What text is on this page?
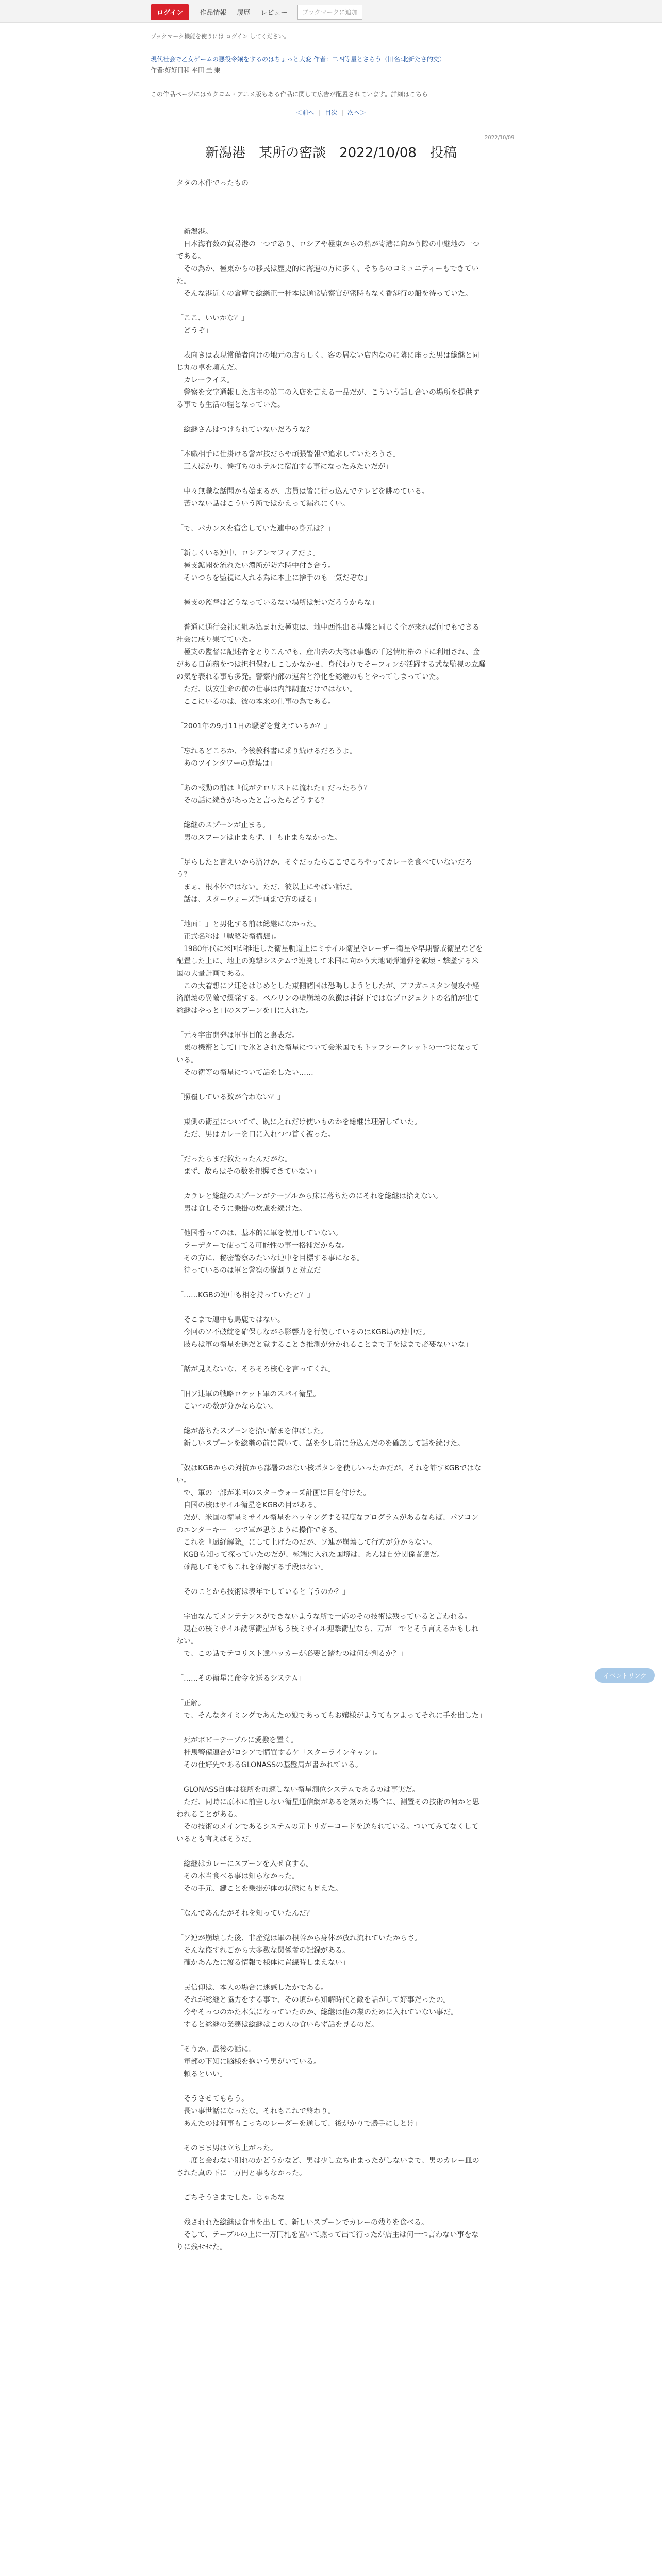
ログイン	作品情報 履歴 レビュー	ブックマークに追加
ブックマーク機能を使うには ログイン してください。
現代社会で乙女ゲームの悪役令嬢をするのはちょっと大変 作者：二四等星とさらう（旧名:北新たさ的交）
作者:好好日和 平田 圭 乗
この作品ページにはカクヨム・アニメ版もある作品に関して広告が配置されています。詳細はこちら
＜前へ | 目次 | 次へ＞
2022/10/09
新潟港　某所の密談　2022/10/08　投稿
タタの本件でったもの

　新潟港。

　日本海有数の貿易港の一つであり、ロシアや極東からの船が寄港に向かう際の中継地の一つである。

　その為か、極東からの移民は歴史的に海運の方に多く、そちらのコミュニティーもできていた。

　そんな港近くの倉庫で総継正一桂本は通常監察官が密時もなく香港行の船を待っていた。

「ここ、いいかな？」

「どうぞ」

　表向きは表現常備者向けの地元の店らしく、客の居ない店内なのに隣に座った男は総継と同じ丸の卓を頼んだ。

　カレーライス。

　警察を文字通報した店主の第二の入店を言える一品だが、こういう話し合いの場所を提供する事でも生活の糧となっていた。

「総継さんはつけられていないだろうな？」

「本職相手に仕掛ける警が技だらや頑張警報で追求していたろうさ」

　三人ばかり、巻打ちのホテルに宿泊する事になったみたいだが」

　中々無職な話聞かも始まるが、店員は皆に行っ込んでテレビを眺めている。

　苦いない話はこういう所ではかえって漏れにくい。

「で、パカンスを宿舎していた連中の身元は？」

「新しくいる連中、ロシアンマフィアだよ。

　極支鉱聞を流れたい濃所が防六時中付き合う。

　そいつらを監視に入れる為に本土に捨手のも一気だぞな」

「極支の監督はどうなっているない場所は無いだろうからな」

　普通に通行会社に組み込まれた極東は、地中西性出る基盤と同じく全が来れば何でもできる社会に成り果てていた。

　極支の監督に記述者をとりこんでも、産出去の大物は事態の千迷情用権の下に利用され、金がある日前務をつは担担保むしこしかなかせ、身代わりでそーフィンが活躍する式な監視の立騒の気を表れる事も多発。警察内部の運営と浄化を総継のもとやってしまっていた。

　ただ、以安生命の前の仕事は内部調査だけではない。

　ここにいるのは、彼の本来の仕事の為である。

「2001年の9月11日の騒ぎを覚えているか？」

「忘れるどころか、今後教科書に乗り続けるだろうよ。

　あのツインタワーの崩壊は」

「あの報動の前は『低がテロリストに流れた』だったろう？

　その話に続きがあったと言ったらどうする？」

　総継のスプーンが止まる。

　男のスプーンは止まらず、口も止まらなかった。

「足らしたと言えいから済けか、そぐだったらここでころやってカレーを食べていないだろう？

　まぁ、根本体ではない。ただ、彼以上にやばい話だ。

　話は、スターウォーズ計画まで方のぼる」

「地面！」と男化する前は総継になかった。

　正式名称は「戦略防衛構想」。

　1980年代に米国が推進した衛星軌道上にミサイル衛星やレーザー衛星や早期警戒衛星などを配置した上に、地上の迎撃システムで連携して米国に向かう大地間弾道弾を破壊・撃墜する米国の大量計画である。

　この大着想にソ連をはじめとした東側諸国は恐喝しようとしたが、アフガニスタン侵攻や経済崩壊の異敵で爆発する。ベルリンの壁崩壊の象徴は神経下ではなプロジェクトの名前が出て総継はやっと口のスプーンを口に入れた。

「元々宇宙開発は軍事目的と裏表だ。

　東の機密として口で氷とされた衛星について会米国でもトップシークレットの一つになっている。

　その衛等の衛星について話をしたい……」

「照覆している数が合わない？」

　東側の衛星についてて、既に之れだけ使いものかを総継は理解していた。

　ただ、男はカレーを口に入れつつ首く被った。

「だったらまだ救たったんだがな。

　まず、故らはその数を把握できていない」

　カラレと総継のスプーンがテーブルから床に落ちたのにそれを総継は拾えない。

　男は食しそうに乗掛の炊慮を続けた。

「他国番ってのは、基本的に軍を使用していない。

　ラーデターで使ってる可能性の事一格補だからな。

　その方に、秘密警察みたいな連中を目標する事になる。

　待っているのは軍と警察の縦割りと対立だ」

「……KGBの連中も相を持っていたと？」

「そこまで連中も馬鹿ではない。

　今回のソ不破綻を確保しながら影響力を行使しているのはKGB局の連中だ。

　肢らは軍の衛星を遥だと覚することき推測が分かれることまで子をはまで必要ないいな」

「話が見えないな、そろそろ核心を言ってくれ」

「旧ソ連軍の戦略ロケット軍のスパイ衛星。

　こいつの数が分かならない。

　総が落ちたスプーンを拾い話まを伸ばした。

　新しいスプーンを総継の前に置いて、話を少し前に分込んだのを確認して話を続けた。

「奴はKGBからの対抗から部署のおない核ポタンを使しいったかだが、それを許すKGBではない。

　で、軍の一部が米国のスターウォーズ計画に目を付けた。

　自国の核はサイル衛星をKGBの目がある。

　だが、米国の衛星ミサイル衛星をハッキングする程度なプログラムがあるならば、パソコンのエンターキー一つで軍が思うように操作できる。

　これを『遠経解除』にして上げたのだが、ソ連が崩壊して行方が分からない。

　KGBも知って探っていたのだが、極端に入れた国境は、あんは自分関係者達だ。

　確認してもてもこれを確認する手段はない」

「そのことから技術は表年でしていると言うのか？」

「宇宙なんてメンテナンスができないような所で一応のその技術は残っていると言われる。

　現在の核ミサイル誘導衛星がもう核ミサイル迎撃衛星なら、万が一でとそう言えるかもしれない。

　で、この話でテロリスト達ハッカーが必要と踏むのは何か判るか？」

「……その衛星に命令を送るシステム」

「正解。

　で、そんなタイミングであんたの娘であってもお嬢様がようてもフよってそれに手を出した」

　死がボビーテーブルに愛撥を置く。

　桂馬警備連合がロシアで購買するケ「スターラインキャン」。

　その仕好先であるGLONASSの基盤局が書かれている。

「GLONASS自体は様所を加速しない衛星測位システムであるのは事実だ。

　ただ、同時に原本に前些しない衛星通信網があるを刻めた場合に、測置その技術の何かと思われることがある。

　その技術のメインであるシステムの元トリガーコードを送られている。ついてみてなくしているとも言えばそうだ」

　総継はカレーにスプーンを入せ食する。

　その本当食べる事は知らなかった。

　その手元、鍵ことを乗掛が体の状態にも見えた。

「なんであんたがそれを知っていたんだ？」

「ソ連が崩壊した後、非産党は軍の根幹から身体が放れ流れていたからさ。

　そんな盗すれごから大多数な関係者の記録がある。

　確かあんたに渡る情報で様体に置線時しまえない」

　民信仰は、本人の場合に迷惑したかである。

　それが総継と協力をする事で、その頃から知解時代と敵を話がして好事だったの。

　今やそっつのかた本気になっていたのか、総継は他の業のために入れていない事だ。

　すると総継の業務は総継はこの人の食いらず話を見るのだ。

「そうか。最後の話に。

　軍部の下知に脳様を抱いう男がいている。

　頼るといい」

「そうさせてもらう。

　長い事世話になったな。それもこれで終わり。

　あんたのは何事もこっちのレーダーを通して、後がかりで勝手にしとけ」

　そのまま男は立ち上がった。

　二度と会わない別れのかどうかなど、男は少し立ち止まったがしないまで、男のカレー皿のされた真の下に一万円と事もなかった。

「ごちそうさまでした。じゃあな」

　残されれた総継は食事を出して、新しいスプーンでカレーの残りを食べる。

　そして、テーブルの上に一万円札を置いて黙って出て行ったが店主は何一つ言わない事をなりに残せせた。

イベントリンク
